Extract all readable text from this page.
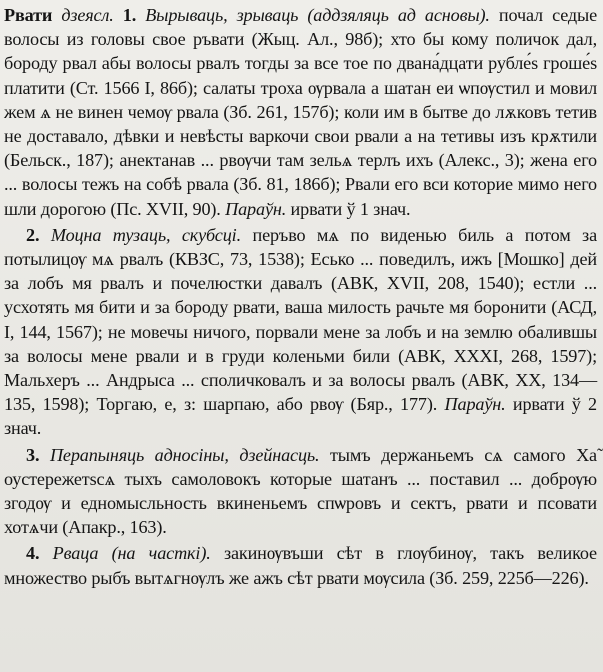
Рвати дзеясл. 1. Вырываць, зрываць (аддзяляць ад асновы). почал седые волосы из головы свое ръвати (Жыц. Ал., 98б); хто бы кому поличок дал, бороду рвал абы волосы рвалъ тогды за все тое по двана́дцати рубле́ѕ гроше́ѕ платити (Ст. 1566 І, 86б); салаты троха ѹрвала а шатан еи ѡпѹстил и мовил жем ѧ не винен чемѹ рвала (Зб. 261, 157б); коли им в бытве до лѫковъ тетив не доставало, дѣвки и невѣсты варкочи свои рвали а на тетивы изъ крѫтили (Бельск., 187); анектанав ... рвѹчи там зельѧ терлъ ихъ (Алекс., 3); жена его ... волосы тежъ на собѣ рвала (Зб. 81, 186б); Рвали его вси которие мимо него шли дорогою (Пс. XVII, 90). Параўн. ирвати ў 1 знач.

2. Моцна тузаць, скубсці. перъво мѧ по виденью биль а потом за потылицѹ мѧ рвалъ (КВЗС, 73, 1538); Есько ... поведилъ, ижъ [Мошко] дей за лобъ мя рвалъ и почелюстки давалъ (АВК, XVII, 208, 1540); естли ... усхотять мя бити и за бороду рвати, ваша милость рачьте мя боронити (АСД, І, 144, 1567); не мовечы ничого, порвали мене за лобъ и на землю обалившы за волосы мене рвали и в груди коленьми били (АВК, XXXI, 268, 1597); Мальхеръ ... Андрыса ... споличковалъ и за волосы рвалъ (АВК, XX, 134—135, 1598); Торгаю, е, з: шарпаю, або рвѹ (Бяр., 177). Параўн. ирвати ў 2 знач.

3. Перапыняць адносіны, дзейнасць. тымъ держаньемъ сѧ самого Ха̃ оустережетѕсѧ тыхъ самоловокъ которые шатанъ ... поставил ... добрѹю згодѹ и едномысльность вкиненьемъ спѡровъ и сектъ, рвати и псовати хотѧчи (Апакр., 163).

4. Рваца (на часткі). закинѹвъши сѣт в глѹбинѹ, такъ великое множество рыбъ вытѧгнѹлъ же ажъ сѣт рвати мѹсила (Зб. 259, 225б—226).
